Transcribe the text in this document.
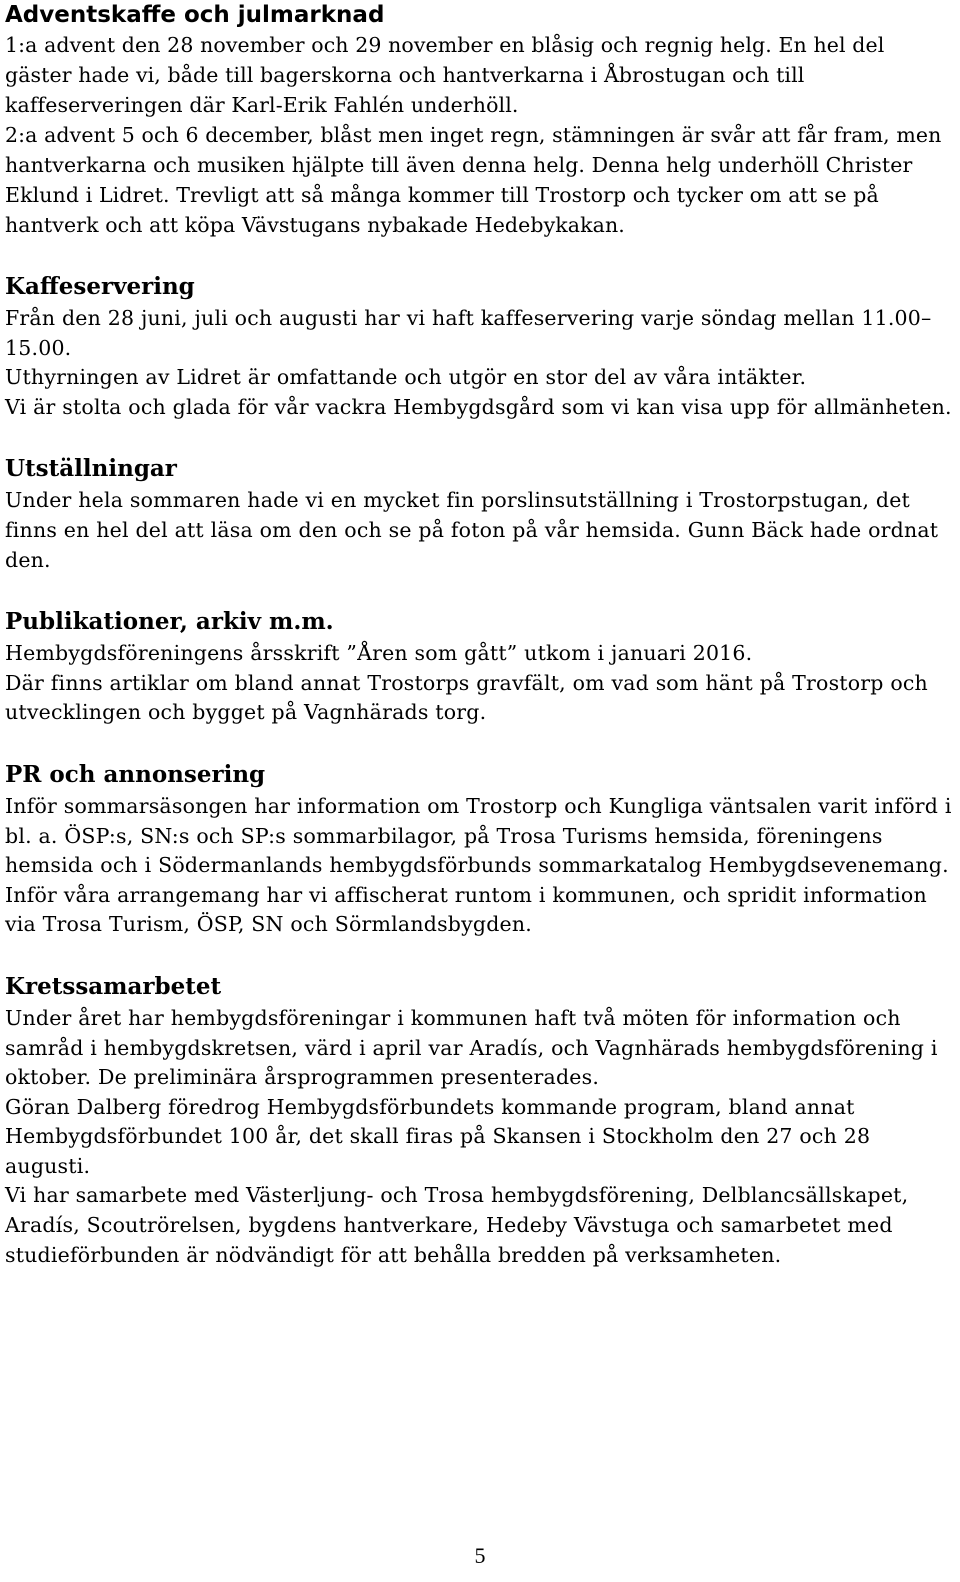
Adventskaffe och julmarknad

1:a advent den 28 november och 29 november en blåsig och regnig helg. En hel del gäster hade vi, både till bagerskorna och hantverkarna i Åbrostugan och till kaffeserveringen där Karl-Erik Fahlén underhöll.

2:a advent 5 och 6 december, blåst men inget regn, stämningen är svår att får fram, men hantverkarna och musiken hjälpte till även denna helg. Denna helg underhöll Christer Eklund i Lidret. Trevligt att så många kommer till Trostorp och tycker om att se på hantverk och att köpa Vävstugans nybakade Hedebykakan.

Kaffeservering

Från den 28 juni, juli och augusti har vi haft kaffeservering varje söndag mellan 11.00–15.00.

Uthyrningen av Lidret är omfattande och utgör en stor del av våra intäkter.

Vi är stolta och glada för vår vackra Hembygdsgård som vi kan visa upp för allmänheten.

Utställningar

Under hela sommaren hade vi en mycket fin porslinsutställning i Trostorpstugan, det finns en hel del att läsa om den och se på foton på vår hemsida. Gunn Bäck hade ordnat den.

Publikationer, arkiv m.m.

Hembygdsföreningens årsskrift ”Åren som gått” utkom i januari 2016.

Där finns artiklar om bland annat Trostorps gravfält, om vad som hänt på Trostorp och utvecklingen och bygget på Vagnhärads torg.

PR och annonsering

Inför sommarsäsongen har information om Trostorp och Kungliga väntsalen varit införd i bl. a. ÖSP:s, SN:s och SP:s sommarbilagor, på Trosa Turisms hemsida, föreningens hemsida och i Södermanlands hembygdsförbunds sommarkatalog Hembygdsevenemang. Inför våra arrangemang har vi affischerat runtom i kommunen, och spridit information via Trosa Turism, ÖSP, SN och Sörmlandsbygden.

Kretssamarbetet

Under året har hembygdsföreningar i kommunen haft två möten för information och samråd i hembygdskretsen, värd i april var Aradís, och Vagnhärads hembygdsförening i oktober. De preliminära årsprogrammen presenterades.

Göran Dalberg föredrog Hembygdsförbundets kommande program, bland annat Hembygdsförbundet 100 år, det skall firas på Skansen i Stockholm den 27 och 28 augusti.

Vi har samarbete med Västerljung- och Trosa hembygdsförening, Delblancsällskapet, Aradís, Scoutrörelsen, bygdens hantverkare, Hedeby Vävstuga och samarbetet med studieförbunden är nödvändigt för att behålla bredden på verksamheten.

5
